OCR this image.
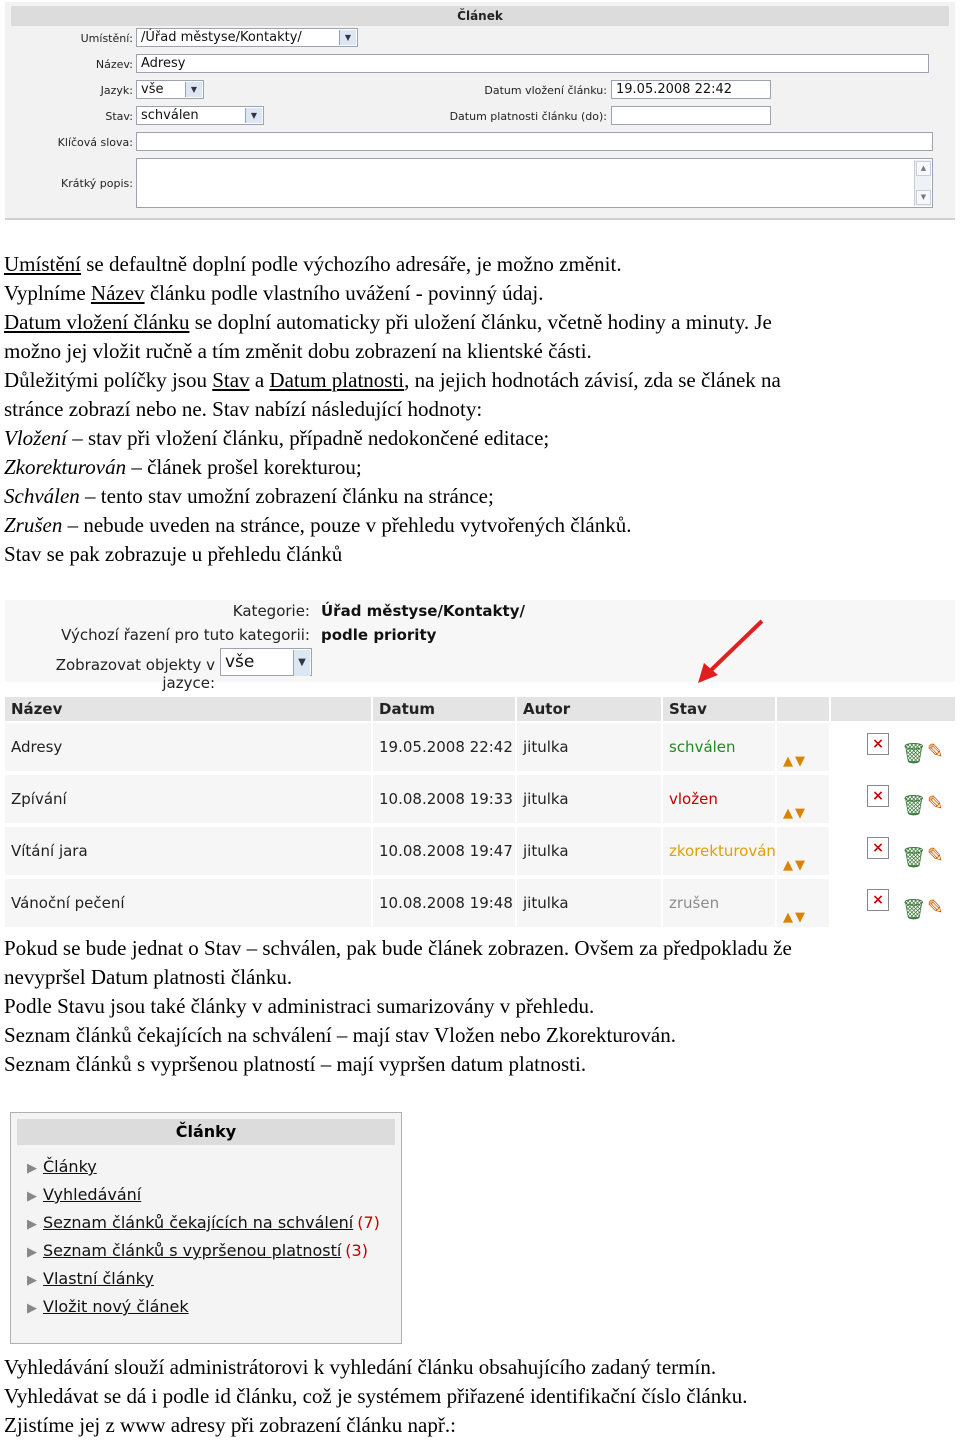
Článek
Umístění: /Úřad městyse/Kontakty/	▼
Název: Adresy
Jazyk: vše	▼
Stav: schválen	▼
Datum vložení článku: 19.05.2008 22:42
Datum platnosti článku (do):
Klíčová slova:
Krátký popis:
▲
▼
Umístění se defaultně doplní podle výchozího adresáře, je možno změnit.
Vyplníme Název článku podle vlastního uvážení - povinný údaj.
Datum vložení článku se doplní automaticky při uložení článku, včetně hodiny a minuty. Je
možno jej vložit ručně a tím změnit dobu zobrazení na klientské části.
Důležitými políčky jsou Stav a Datum platnosti, na jejich hodnotách závisí, zda se článek na
stránce zobrazí nebo ne. Stav nabízí následující hodnoty:
Vložení – stav při vložení článku, případně nedokončené editace;
Zkorekturován – článek prošel korekturou;
Schválen – tento stav umožní zobrazení článku na stránce;
Zrušen – nebude uveden na stránce, pouze v přehledu vytvořených článků.
Stav se pak zobrazuje u přehledu článků
Kategorie: Úřad městyse/Kontakty/
Výchozí řazení pro tuto kategorii: podle priority
Zobrazovat objekty v jazyce:
vše	▼
Název	Datum	Autor	Stav
Adresy	19.05.2008 22:42 jitulka	schválen
▲▼
× 🗑 ✎
Zpívání	10.08.2008 19:33 jitulka	vložen
▲▼
× 🗑 ✎
Vítání jara	10.08.2008 19:47 jitulka	zkorekturován
▲▼
× 🗑 ✎
Vánoční pečení	10.08.2008 19:48 jitulka	zrušen
▲▼
× 🗑 ✎
Pokud se bude jednat o Stav – schválen, pak bude článek zobrazen. Ovšem za předpokladu že
nevypršel Datum platnosti článku.
Podle Stavu jsou také články v administraci sumarizovány v přehledu.
Seznam článků čekajících na schválení – mají stav Vložen nebo Zkorekturován.
Seznam článků s vypršenou platností – mají vypršen datum platnosti.
Články
▶ Články
▶ Vyhledávání
▶ Seznam článků čekajících na schválení (7)
▶ Seznam článků s vypršenou platností (3)
▶ Vlastní články
▶ Vložit nový článek
Vyhledávání slouží administrátorovi k vyhledání článku obsahujícího zadaný termín.
Vyhledávat se dá i podle id článku, což je systémem přiřazené identifikační číslo článku.
Zjistíme jej z www adresy při zobrazení článku např.:
